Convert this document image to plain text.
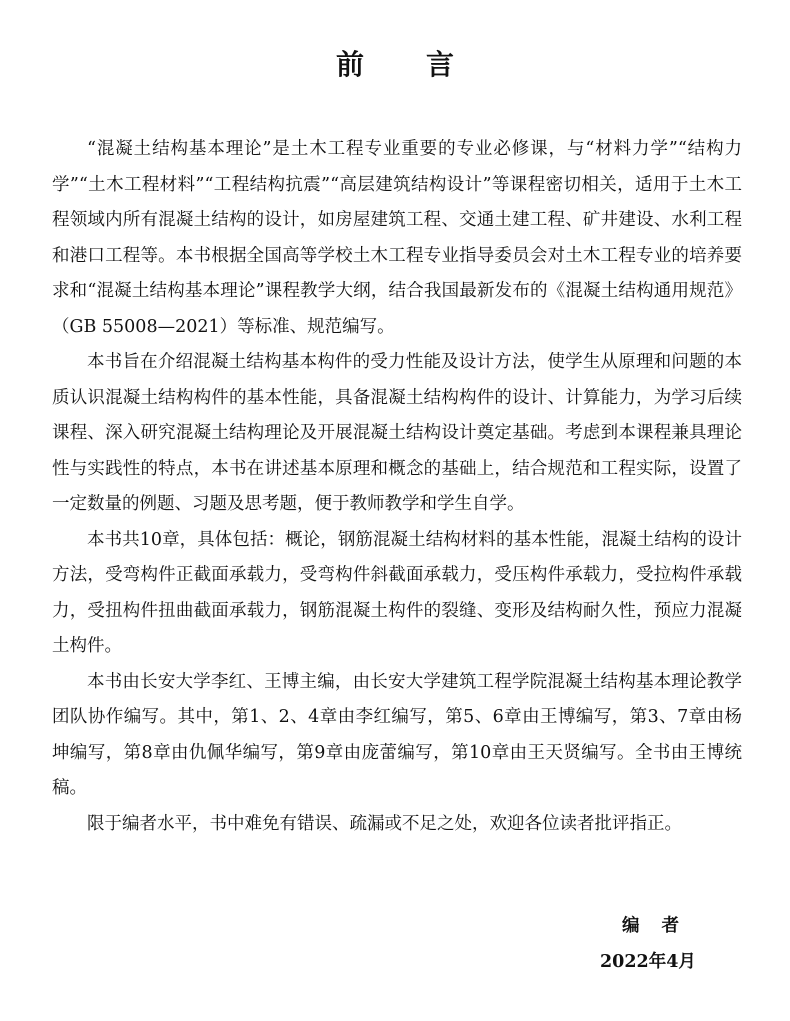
前言

“混凝土结构基本理论”是土木工程专业重要的专业必修课，与“材料力学”“结构力学”“土木工程材料”“工程结构抗震”“高层建筑结构设计”等课程密切相关，适用于土木工程领域内所有混凝土结构的设计，如房屋建筑工程、交通土建工程、矿井建设、水利工程和港口工程等。本书根据全国高等学校土木工程专业指导委员会对土木工程专业的培养要求和“混凝土结构基本理论”课程教学大纲，结合我国最新发布的《混凝土结构通用规范》（GB 55008—2021）等标准、规范编写。

本书旨在介绍混凝土结构基本构件的受力性能及设计方法，使学生从原理和问题的本质认识混凝土结构构件的基本性能，具备混凝土结构构件的设计、计算能力，为学习后续课程、深入研究混凝土结构理论及开展混凝土结构设计奠定基础。考虑到本课程兼具理论性与实践性的特点，本书在讲述基本原理和概念的基础上，结合规范和工程实际，设置了一定数量的例题、习题及思考题，便于教师教学和学生自学。

本书共10章，具体包括：概论，钢筋混凝土结构材料的基本性能，混凝土结构的设计方法，受弯构件正截面承载力，受弯构件斜截面承载力，受压构件承载力，受拉构件承载力，受扭构件扭曲截面承载力，钢筋混凝土构件的裂缝、变形及结构耐久性，预应力混凝土构件。

本书由长安大学李红、王博主编，由长安大学建筑工程学院混凝土结构基本理论教学团队协作编写。其中，第1、2、4章由李红编写，第5、6章由王博编写，第3、7章由杨坤编写，第8章由仇佩华编写，第9章由庞蕾编写，第10章由王天贤编写。全书由王博统稿。

限于编者水平，书中难免有错误、疏漏或不足之处，欢迎各位读者批评指正。

编者
2022年4月
